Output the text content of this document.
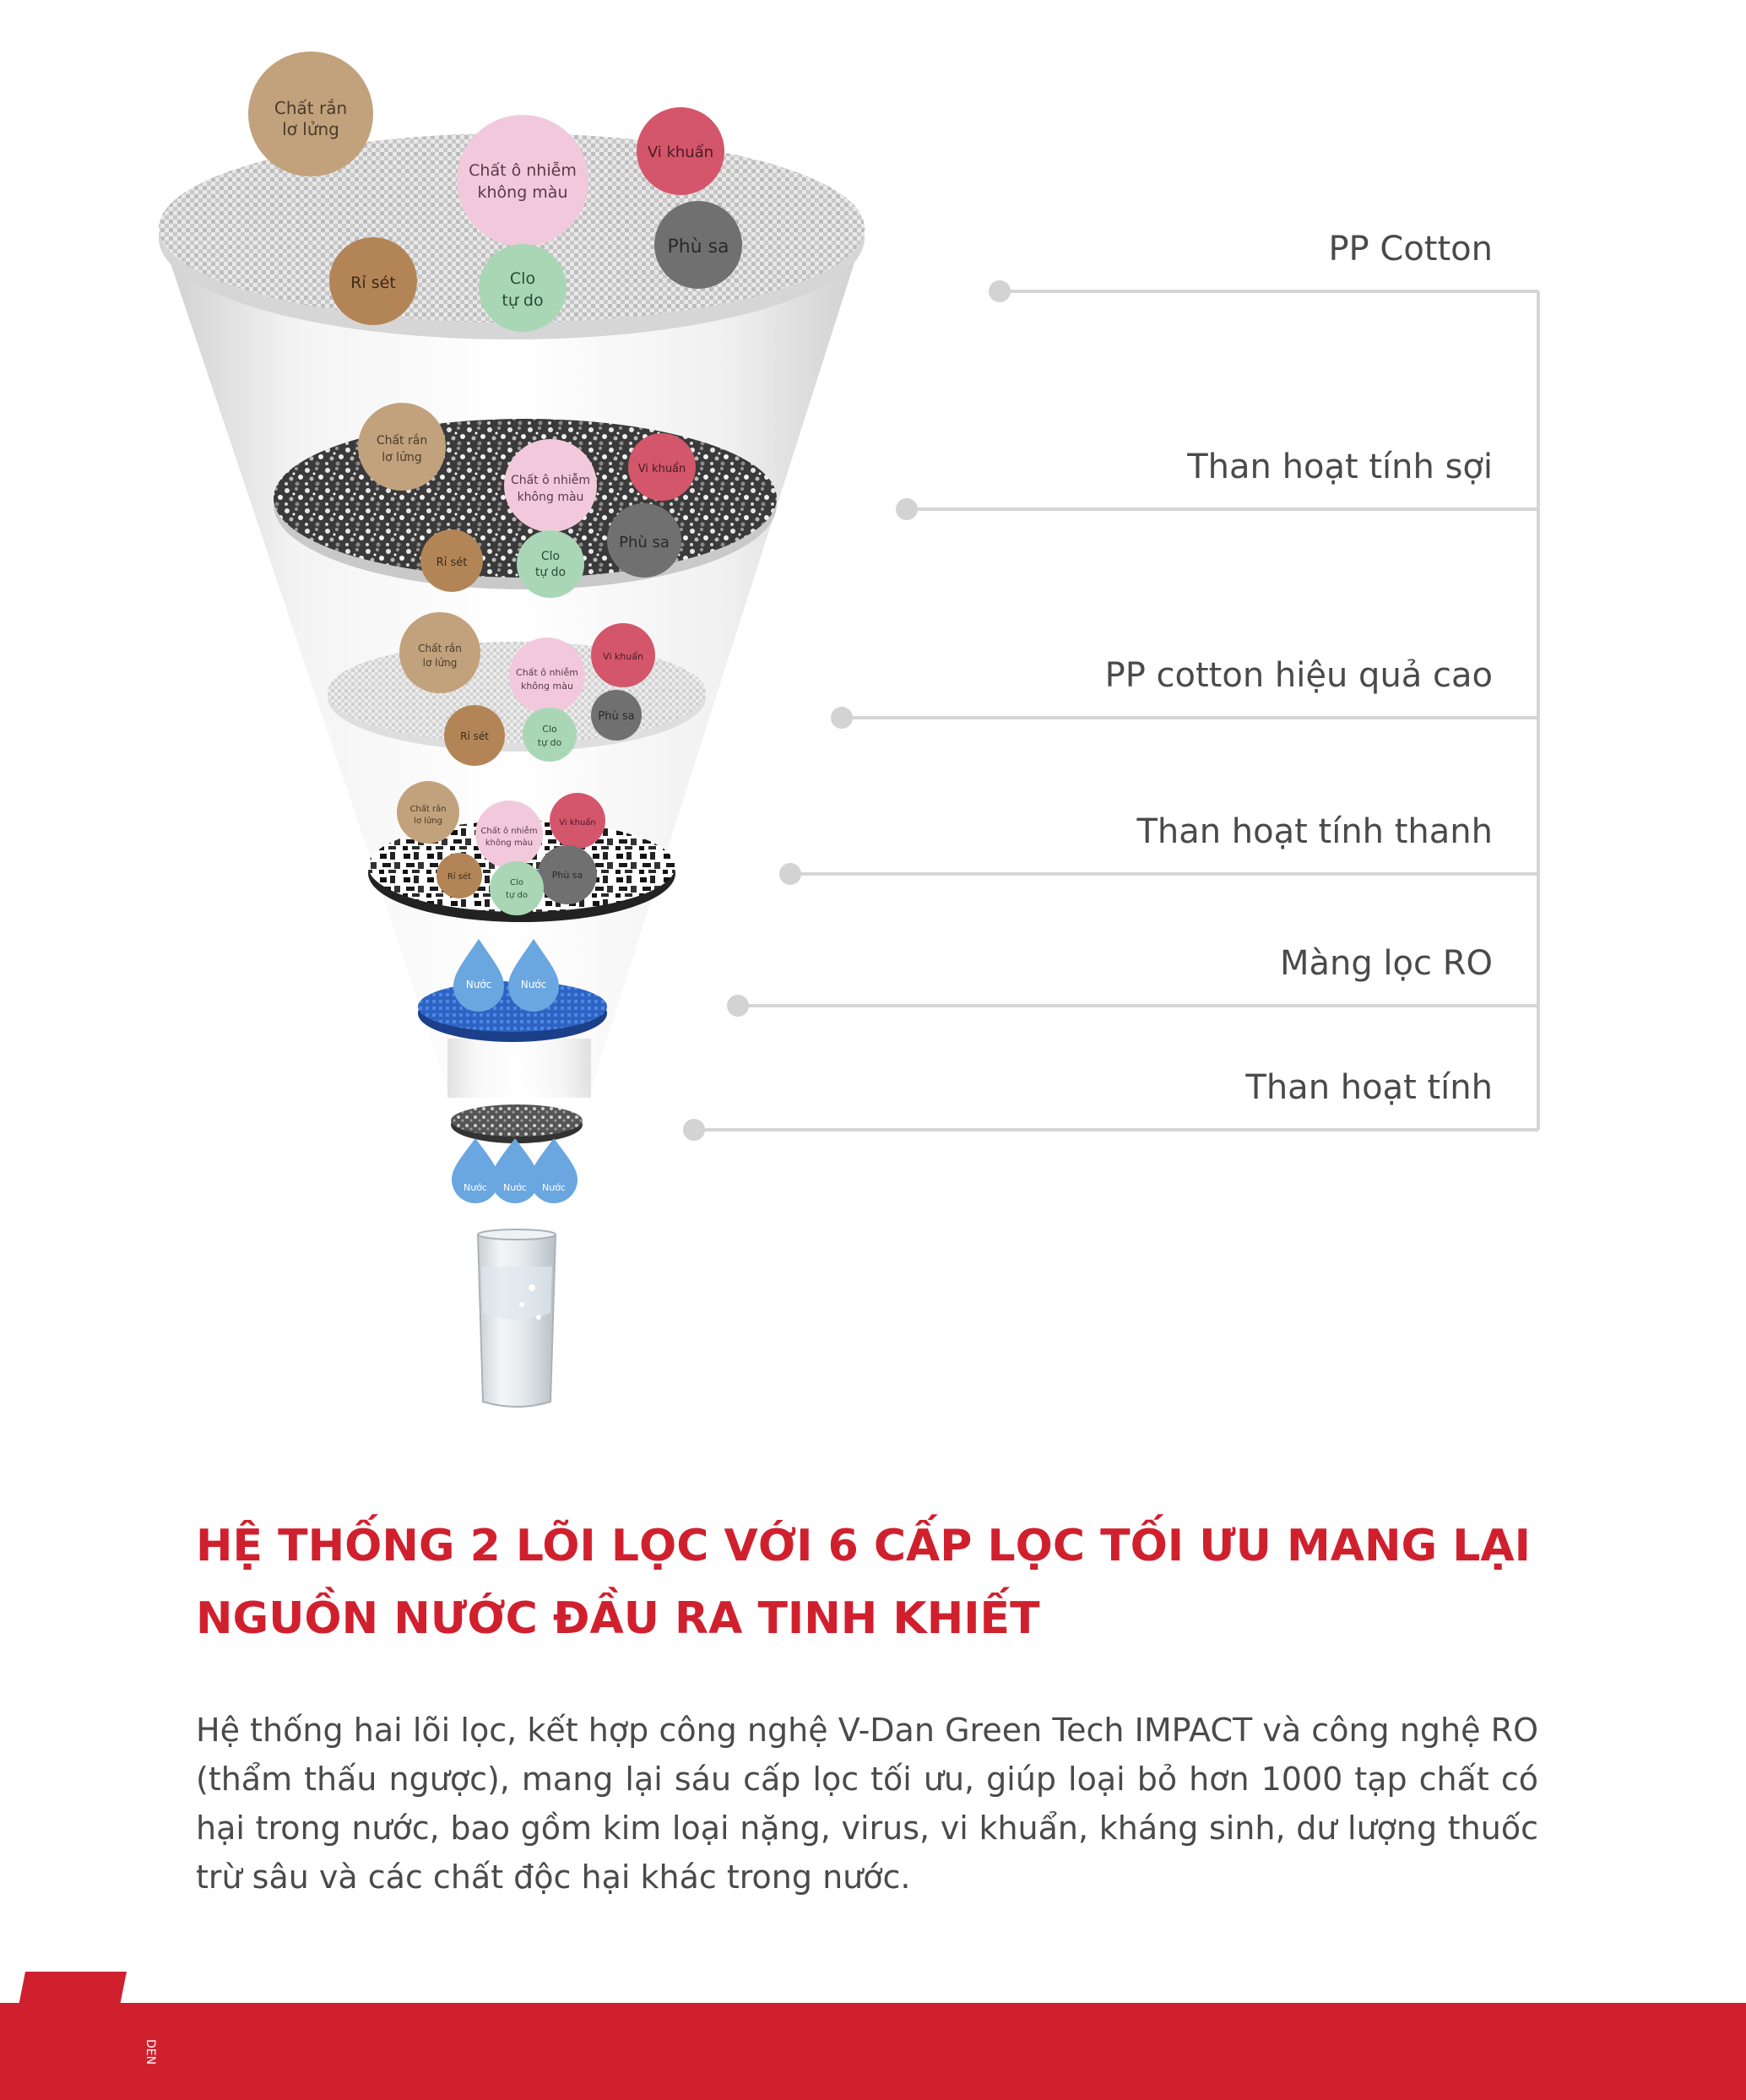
Chất rắn
lơ lửng
Chất ô nhiễm
không màu
Vi khuẩn
Phù sa
Rỉ sét	Clo
tự do
Chất rắn
lơ lửng
Chất ô nhiễm
không màu
Vi khuẩn
Phù sa
Rỉ sét	Clo
tự do
Chất rắn
lơ lửng
Chất ô nhiễm
không màu
Vi khuẩn
Phù sa
Rỉ sét
Clo
tự do
Chất rắn
lơ lửng
Chất ô nhiễm
không màu
Vi khuẩn
Phù sa
Rỉ sét
Clo
tự do
Nước	Nước
Nước Nước Nước
PP Cotton
Than hoạt tính sợi
PP cotton hiệu quả cao
Than hoạt tính thanh
Màng lọc RO
Than hoạt tính
HỆ THỐNG 2 LÕI LỌC VỚI 6 CẤP LỌC TỐI ƯU MANG LẠI
NGUỒN NƯỚC ĐẦU RA TINH KHIẾT

Hệ thống hai lõi lọc, kết hợp công nghệ V-Dan Green Tech IMPACT và công nghệ RO (thẩm thấu ngược), mang lại sáu cấp lọc tối ưu, giúp loại bỏ hơn 1000 tạp chất có hại trong nước, bao gồm kim loại nặng, virus, vi khuẩn, kháng sinh, dư lượng thuốc trừ sâu và các chất độc hại khác trong nước.

DEN
